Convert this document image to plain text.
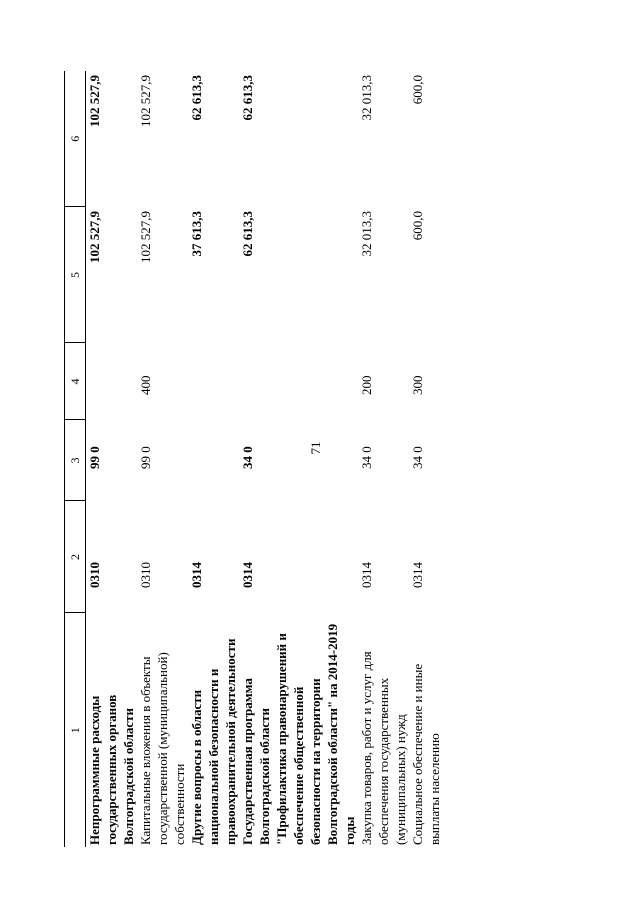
71
1	2	3	4	5	6
Непрограммные расходы государственных органов Волгоградской области	0310	99 0		102 527,9	102 527,9
Капитальные вложения в объекты государственной (муниципальной) собственности	0310	99 0	400	102 527,9	102 527,9
Другие вопросы в области национальной безопасности и правоохранительной деятельности	0314			37 613,3	62 613,3
Государственная программа Волгоградской области "Профилактика правонарушений и обеспечение общественной безопасности на территории Волгоградской области" на 2014-2019 годы	0314	34 0		62 613,3	62 613,3
Закупка товаров, работ и услуг для обеспечения государственных (муниципальных) нужд	0314	34 0	200	32 013,3	32 013,3
Социальное обеспечение и иные выплаты населению	0314	34 0	300	600,0	600,0
